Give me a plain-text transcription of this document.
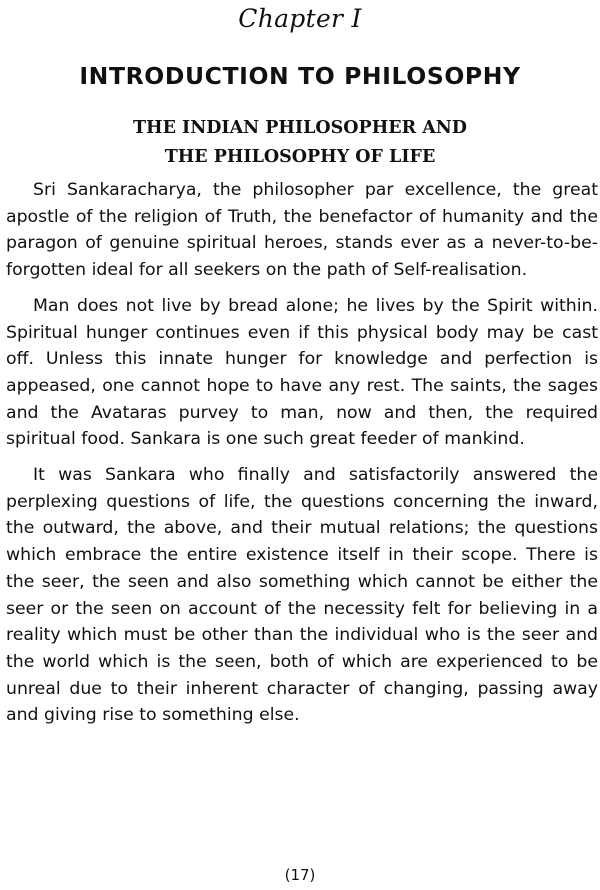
Chapter I
INTRODUCTION TO PHILOSOPHY
THE INDIAN PHILOSOPHER AND
THE PHILOSOPHY OF LIFE

Sri Sankaracharya, the philosopher par excellence, the great apostle of the religion of Truth, the benefactor of humanity and the paragon of genuine spiritual heroes, stands ever as a never-to-be-forgotten ideal for all seekers on the path of Self-realisation.

Man does not live by bread alone; he lives by the Spirit within. Spiritual hunger continues even if this physical body may be cast off. Unless this innate hunger for knowledge and perfection is appeased, one cannot hope to have any rest. The saints, the sages and the Avataras purvey to man, now and then, the required spiritual food. Sankara is one such great feeder of mankind.

It was Sankara who finally and satisfactorily answered the perplexing questions of life, the questions concerning the inward, the outward, the above, and their mutual relations; the questions which embrace the entire existence itself in their scope. There is the seer, the seen and also something which cannot be either the seer or the seen on account of the necessity felt for believing in a reality which must be other than the individual who is the seer and the world which is the seen, both of which are experienced to be unreal due to their inherent character of changing, passing away and giving rise to something else.

(17)
